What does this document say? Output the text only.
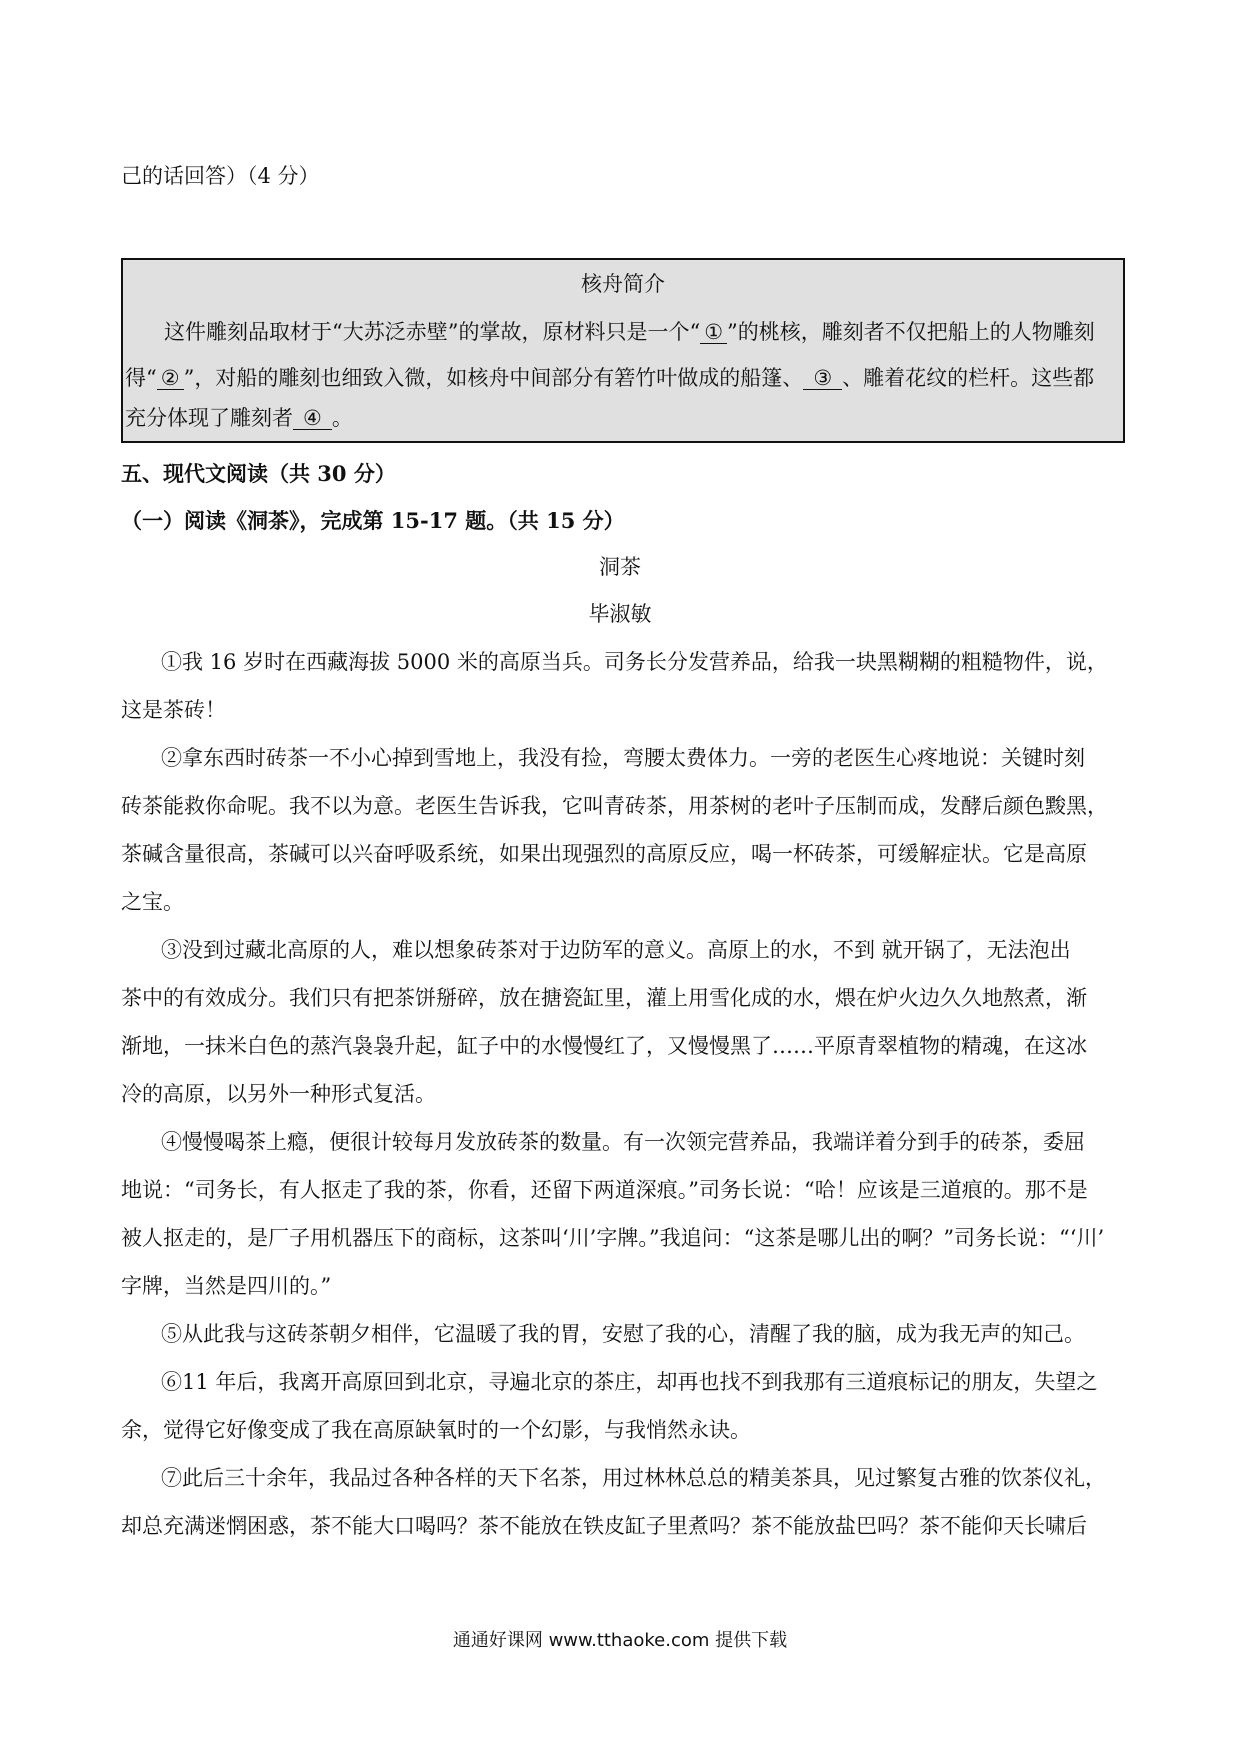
己的话回答）（4 分）
核舟简介
这件雕刻品取材于“大苏泛赤壁”的掌故，原材料只是一个“ ① ”的桃核，雕刻者不仅把船上的人物雕刻
得“ ② ”，对船的雕刻也细致入微，如核舟中间部分有箬竹叶做成的船篷、 ③ 、雕着花纹的栏杆。这些都
充分体现了雕刻者 ④ 。
五、现代文阅读（共 30 分）
（一）阅读《洞茶》，完成第 15-17 题。（共 15 分）
洞茶
毕淑敏
①我 16 岁时在西藏海拔 5000 米的高原当兵。司务长分发营养品，给我一块黑糊糊的粗糙物件，说，
这是茶砖！
②拿东西时砖茶一不小心掉到雪地上，我没有捡，弯腰太费体力。一旁的老医生心疼地说：关键时刻
砖茶能救你命呢。我不以为意。老医生告诉我，它叫青砖茶，用茶树的老叶子压制而成，发酵后颜色黢黑，
茶碱含量很高，茶碱可以兴奋呼吸系统，如果出现强烈的高原反应，喝一杯砖茶，可缓解症状。它是高原
之宝。
③没到过藏北高原的人，难以想象砖茶对于边防军的意义。高原上的水，不到 就开锅了，无法泡出
茶中的有效成分。我们只有把茶饼掰碎，放在搪瓷缸里，灌上用雪化成的水，煨在炉火边久久地熬煮，渐
渐地，一抹米白色的蒸汽袅袅升起，缸子中的水慢慢红了，又慢慢黑了……平原青翠植物的精魂，在这冰
冷的高原，以另外一种形式复活。
④慢慢喝茶上瘾，便很计较每月发放砖茶的数量。有一次领完营养品，我端详着分到手的砖茶，委屈
地说：“司务长，有人抠走了我的茶，你看，还留下两道深痕。”司务长说：“哈！应该是三道痕的。那不是
被人抠走的，是厂子用机器压下的商标，这茶叫‘川’字牌。”我追问：“这茶是哪儿出的啊？”司务长说：“‘川’
字牌，当然是四川的。”
⑤从此我与这砖茶朝夕相伴，它温暖了我的胃，安慰了我的心，清醒了我的脑，成为我无声的知己。
⑥11 年后，我离开高原回到北京，寻遍北京的茶庄，却再也找不到我那有三道痕标记的朋友，失望之
余，觉得它好像变成了我在高原缺氧时的一个幻影，与我悄然永诀。
⑦此后三十余年，我品过各种各样的天下名茶，用过林林总总的精美茶具，见过繁复古雅的饮茶仪礼，
却总充满迷惘困惑，茶不能大口喝吗？茶不能放在铁皮缸子里煮吗？茶不能放盐巴吗？茶不能仰天长啸后
通通好课网 www.tthaoke.com 提供下载
